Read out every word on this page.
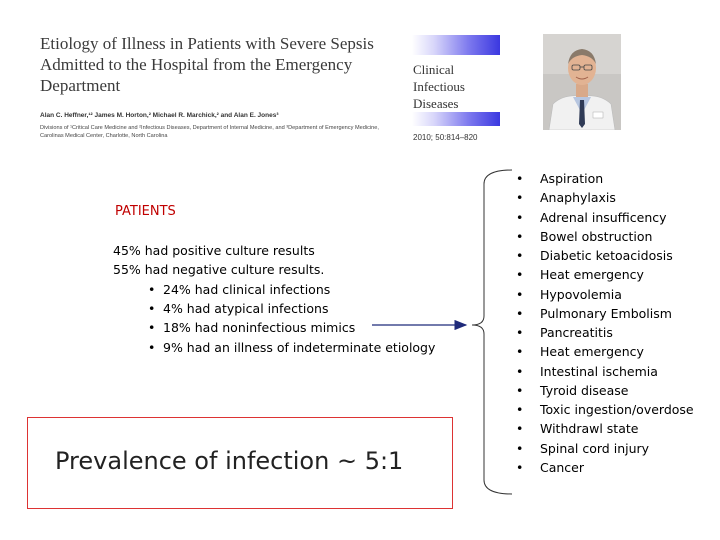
Etiology of Illness in Patients with Severe Sepsis
Admitted to the Hospital from the Emergency
Department
Alan C. Heffner,¹² James M. Horton,² Michael R. Marchick,² and Alan E. Jones³
Divisions of ¹Critical Care Medicine and ²Infectious Diseases, Department of Internal Medicine, and ³Department of Emergency Medicine,
Carolinas Medical Center, Charlotte, North Carolina
Clinical
Infectious
Diseases
2010; 50:814–820
PATIENTS
45% had positive culture results
55% had negative culture results.
• 24% had clinical infections
• 4% had atypical infections
• 18% had noninfectious mimics
• 9% had an illness of indeterminate etiology
Prevalence of infection ~ 5:1
• Aspiration
• Anaphylaxis
• Adrenal insufficency
• Bowel obstruction
• Diabetic ketoacidosis
• Heat emergency
• Hypovolemia
• Pulmonary Embolism
• Pancreatitis
• Heat emergency
• Intestinal ischemia
• Tyroid disease
• Toxic ingestion/overdose
• Withdrawl state
• Spinal cord injury
• Cancer
